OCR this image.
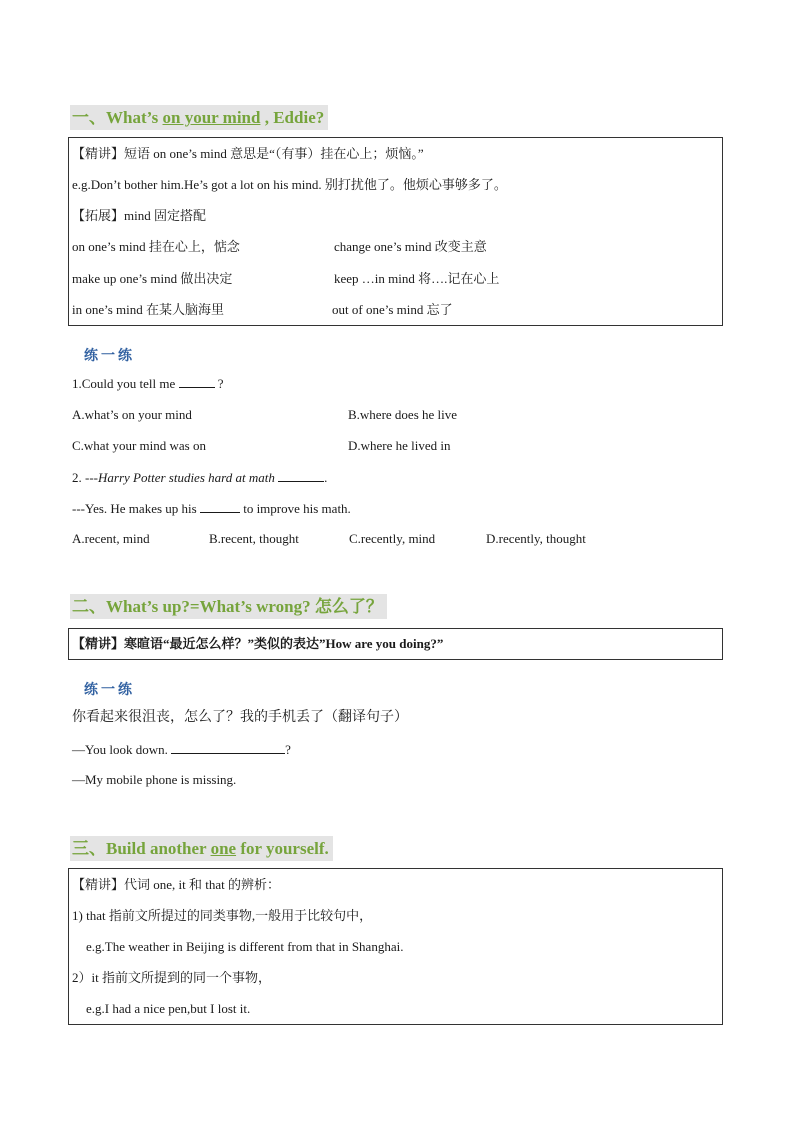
一、What’s on your mind , Eddie?
【精讲】短语 on one’s mind 意思是“（有事）挂在心上；烦恼。”
e.g.Don’t bother him.He’s got a lot on his mind. 别打扰他了。他烦心事够多了。
【拓展】mind 固定搭配
on one’s mind 挂在心上，惦念	change one’s mind 改变主意
make up one’s mind 做出决定	keep …in mind 将….记在心上
in one’s mind 在某人脑海里	out of one’s mind 忘了
练一练
1.Could you tell me	?
A.what’s on your mind	B.where does he live
C.what your mind was on	D.where he lived in
2. ---Harry Potter studies hard at math	.
---Yes. He makes up his	to improve his math.
A.recent, mind	B.recent, thought	C.recently, mind	D.recently, thought
二、What’s up?=What’s wrong? 怎么了？
【精讲】寒暄语“最近怎么样？”类似的表达”How are you doing?”
练一练
你看起来很沮丧，怎么了？我的手机丢了（翻译句子）
—You look down.	?
—My mobile phone is missing.
三、Build another one for yourself.
【精讲】代词 one, it 和 that 的辨析：
1) that 指前文所提过的同类事物,一般用于比较句中，
e.g.The weather in Beijing is different from that in Shanghai.
2）it 指前文所提到的同一个事物，
e.g.I had a nice pen,but I lost it.
